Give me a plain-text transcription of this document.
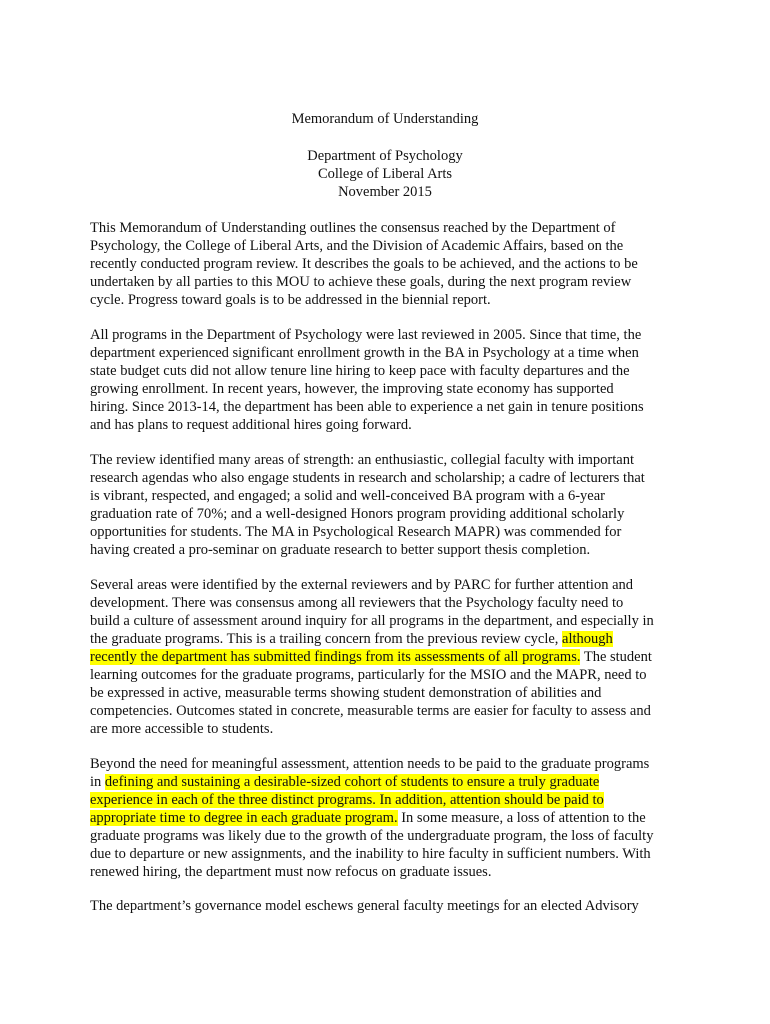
Memorandum of Understanding
Department of Psychology
College of Liberal Arts
November 2015
This Memorandum of Understanding outlines the consensus reached by the Department of
Psychology, the College of Liberal Arts, and the Division of Academic Affairs, based on the
recently conducted program review. It describes the goals to be achieved, and the actions to be
undertaken by all parties to this MOU to achieve these goals, during the next program review
cycle. Progress toward goals is to be addressed in the biennial report.
All programs in the Department of Psychology were last reviewed in 2005. Since that time, the
department experienced significant enrollment growth in the BA in Psychology at a time when
state budget cuts did not allow tenure line hiring to keep pace with faculty departures and the
growing enrollment. In recent years, however, the improving state economy has supported
hiring. Since 2013-14, the department has been able to experience a net gain in tenure positions
and has plans to request additional hires going forward.
The review identified many areas of strength: an enthusiastic, collegial faculty with important
research agendas who also engage students in research and scholarship; a cadre of lecturers that
is vibrant, respected, and engaged; a solid and well-conceived BA program with a 6-year
graduation rate of 70%; and a well-designed Honors program providing additional scholarly
opportunities for students. The MA in Psychological Research MAPR) was commended for
having created a pro-seminar on graduate research to better support thesis completion.
Several areas were identified by the external reviewers and by PARC for further attention and
development. There was consensus among all reviewers that the Psychology faculty need to
build a culture of assessment around inquiry for all programs in the department, and especially in
the graduate programs. This is a trailing concern from the previous review cycle, although
recently the department has submitted findings from its assessments of all programs. The student
learning outcomes for the graduate programs, particularly for the MSIO and the MAPR, need to
be expressed in active, measurable terms showing student demonstration of abilities and
competencies. Outcomes stated in concrete, measurable terms are easier for faculty to assess and
are more accessible to students.
Beyond the need for meaningful assessment, attention needs to be paid to the graduate programs
in defining and sustaining a desirable-sized cohort of students to ensure a truly graduate
experience in each of the three distinct programs. In addition, attention should be paid to
appropriate time to degree in each graduate program. In some measure, a loss of attention to the
graduate programs was likely due to the growth of the undergraduate program, the loss of faculty
due to departure or new assignments, and the inability to hire faculty in sufficient numbers. With
renewed hiring, the department must now refocus on graduate issues.
The department’s governance model eschews general faculty meetings for an elected Advisory
